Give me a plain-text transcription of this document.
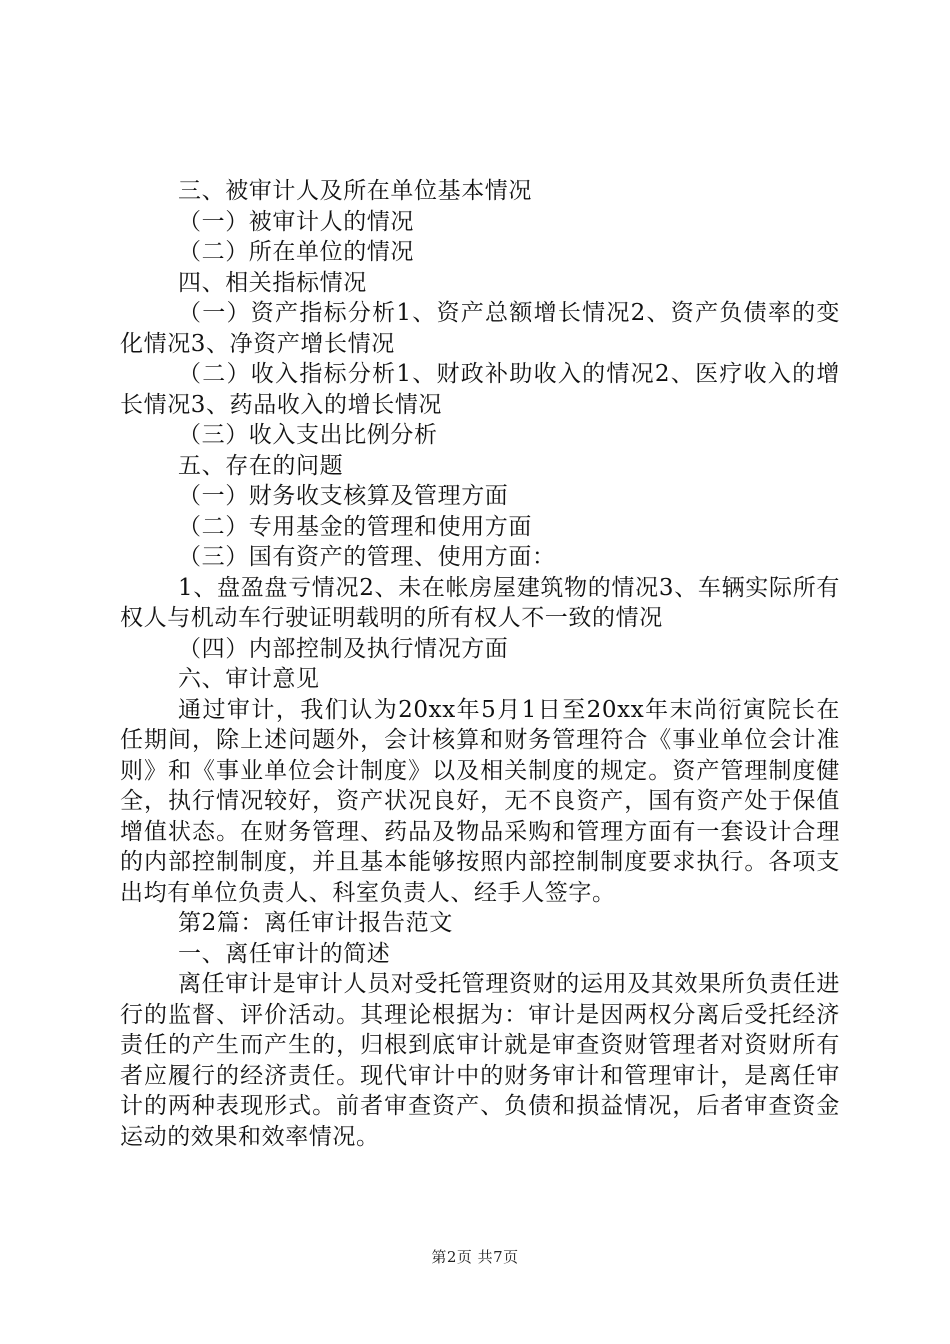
三、被审计人及所在单位基本情况

（一）被审计人的情况

（二）所在单位的情况

四、相关指标情况

（一）资产指标分析1、资产总额增长情况2、资产负债率的变化情况3、净资产增长情况

（二）收入指标分析1、财政补助收入的情况2、医疗收入的增长情况3、药品收入的增长情况

（三）收入支出比例分析

五、存在的问题

（一）财务收支核算及管理方面

（二）专用基金的管理和使用方面

（三）国有资产的管理、使用方面：

1、盘盈盘亏情况2、未在帐房屋建筑物的情况3、车辆实际所有权人与机动车行驶证明载明的所有权人不一致的情况

（四）内部控制及执行情况方面

六、审计意见

通过审计，我们认为20xx年5月1日至20xx年末尚衍寅院长在任期间，除上述问题外，会计核算和财务管理符合《事业单位会计准则》和《事业单位会计制度》以及相关制度的规定。资产管理制度健全，执行情况较好，资产状况良好，无不良资产，国有资产处于保值增值状态。在财务管理、药品及物品采购和管理方面有一套设计合理的内部控制制度，并且基本能够按照内部控制制度要求执行。各项支出均有单位负责人、科室负责人、经手人签字。

第2篇：离任审计报告范文

一、离任审计的简述

离任审计是审计人员对受托管理资财的运用及其效果所负责任进行的监督、评价活动。其理论根据为：审计是因两权分离后受托经济责任的产生而产生的，归根到底审计就是审查资财管理者对资财所有者应履行的经济责任。现代审计中的财务审计和管理审计，是离任审计的两种表现形式。前者审查资产、负债和损益情况，后者审查资金运动的效果和效率情况。

第2页 共7页
